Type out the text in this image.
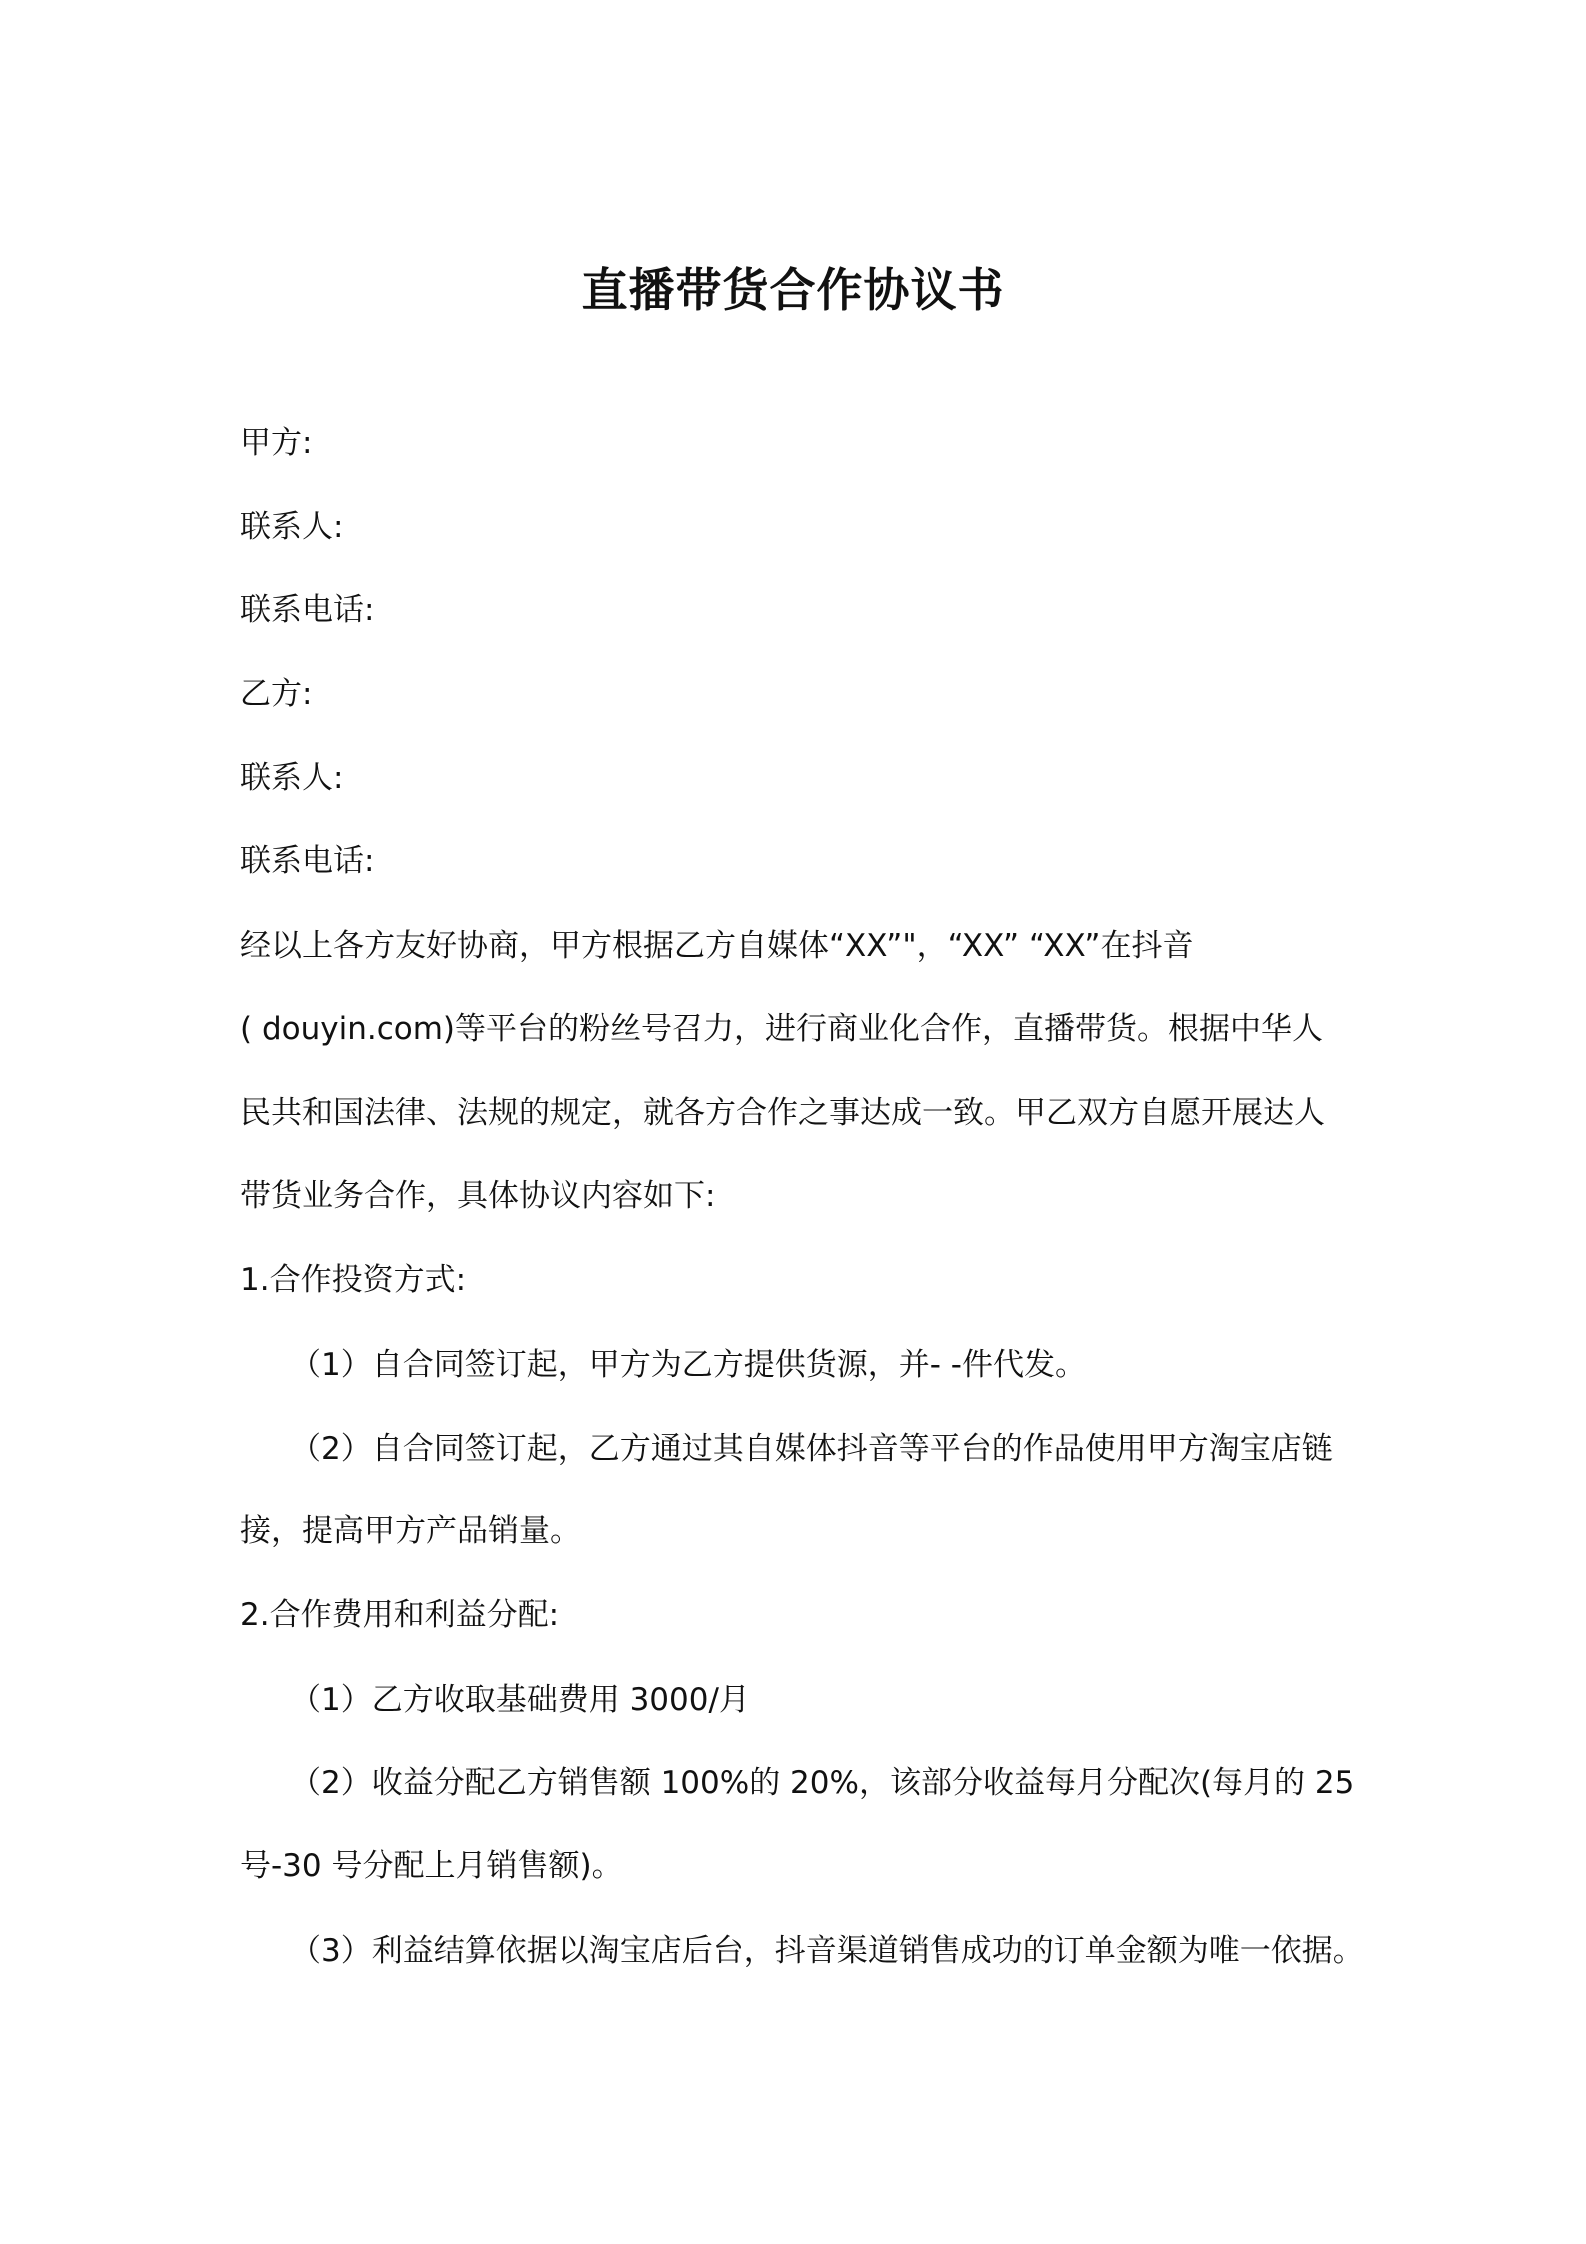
直播带货合作协议书

甲方:

联系人:

联系电话:

乙方:

联系人:

联系电话:

经以上各方友好协商，甲方根据乙方自媒体“XX”"，“XX” “XX”在抖音

( douyin.com)等平台的粉丝号召力，进行商业化合作，直播带货。根据中华人

民共和国法律、法规的规定，就各方合作之事达成一致。甲乙双方自愿开展达人

带货业务合作，具体协议内容如下:

1.合作投资方式:

（1）自合同签订起，甲方为乙方提供货源，并- -件代发。

（2）自合同签订起，乙方通过其自媒体抖音等平台的作品使用甲方淘宝店链

接，提高甲方产品销量。

2.合作费用和利益分配:

（1）乙方收取基础费用 3000/月

（2）收益分配乙方销售额 100%的 20%，该部分收益每月分配次(每月的 25

号-30 号分配上月销售额)。

（3）利益结算依据以淘宝店后台，抖音渠道销售成功的订单金额为唯一依据。
